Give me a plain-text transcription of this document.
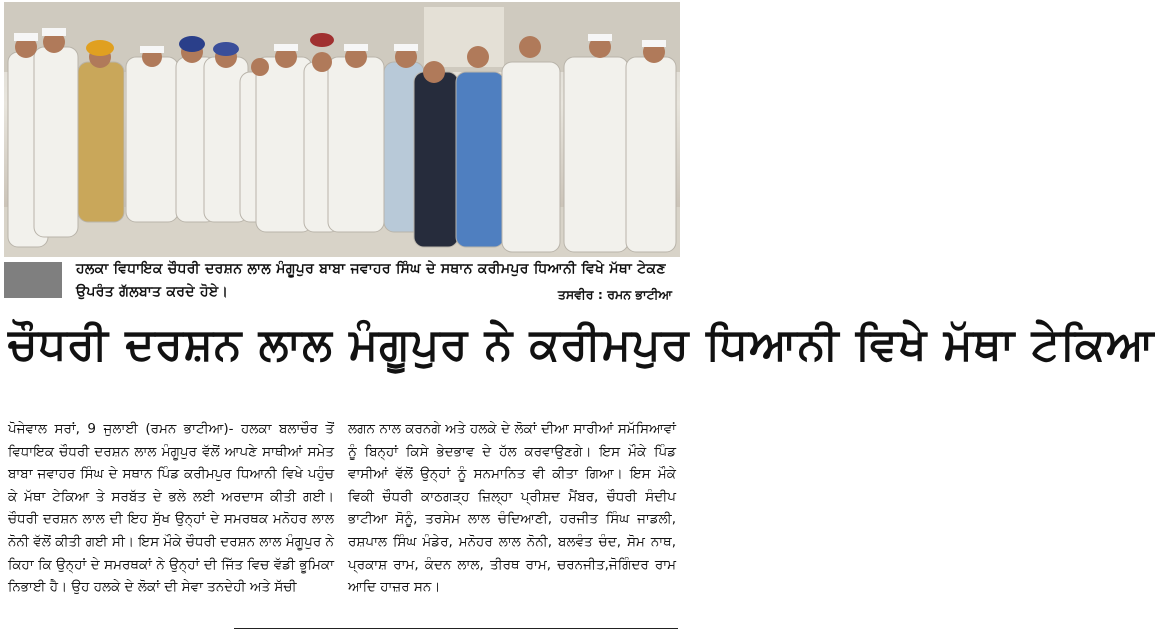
ਹਲਕਾ ਵਿਧਾਇਕ ਚੌਧਰੀ ਦਰਸ਼ਨ ਲਾਲ ਮੰਗੂਪੁਰ ਬਾਬਾ ਜਵਾਹਰ ਸਿੰਘ ਦੇ ਸਥਾਨ ਕਰੀਮਪੁਰ ਧਿਆਨੀ ਵਿਖੇ ਮੱਥਾ ਟੇਕਣ ਉਪਰੰਤ ਗੱਲਬਾਤ ਕਰਦੇ ਹੋਏ।	ਤਸਵੀਰ : ਰਮਨ ਭਾਟੀਆ
ਚੌਧਰੀ ਦਰਸ਼ਨ ਲਾਲ ਮੰਗੂਪੁਰ ਨੇ ਕਰੀਮਪੁਰ ਧਿਆਨੀ ਵਿਖੇ ਮੱਥਾ ਟੇਕਿਆ
ਪੋਜੇਵਾਲ ਸਰਾਂ, 9 ਜੁਲਾਈ (ਰਮਨ ਭਾਟੀਆ)- ਹਲਕਾ ਬਲਾਚੌਰ ਤੋਂ ਵਿਧਾਇਕ ਚੌਧਰੀ ਦਰਸ਼ਨ ਲਾਲ ਮੰਗੂਪੁਰ ਵੱਲੋਂ ਆਪਣੇ ਸਾਥੀਆਂ ਸਮੇਤ ਬਾਬਾ ਜਵਾਹਰ ਸਿੰਘ ਦੇ ਸਥਾਨ ਪਿੰਡ ਕਰੀਮਪੁਰ ਧਿਆਨੀ ਵਿਖੇ ਪਹੁੰਚ ਕੇ ਮੱਥਾ ਟੇਕਿਆ ਤੇ ਸਰਬੱਤ ਦੇ ਭਲੇ ਲਈ ਅਰਦਾਸ ਕੀਤੀ ਗਈ। ਚੌਧਰੀ ਦਰਸ਼ਨ ਲਾਲ ਦੀ ਇਹ ਸੁੱਖ ਉਨ੍ਹਾਂ ਦੇ ਸਮਰਥਕ ਮਨੋਹਰ ਲਾਲ ਨੋਨੀ ਵੱਲੋਂ ਕੀਤੀ ਗਈ ਸੀ। ਇਸ ਮੌਕੇ ਚੌਧਰੀ ਦਰਸ਼ਨ ਲਾਲ ਮੰਗੂਪੁਰ ਨੇ ਕਿਹਾ ਕਿ ਉਨ੍ਹਾਂ ਦੇ ਸਮਰਥਕਾਂ ਨੇ ਉਨ੍ਹਾਂ ਦੀ ਜਿੱਤ ਵਿਚ ਵੱਡੀ ਭੂਮਿਕਾ ਨਿਭਾਈ ਹੈ। ਉਹ ਹਲਕੇ ਦੇ ਲੋਕਾਂ ਦੀ ਸੇਵਾ ਤਨਦੇਹੀ ਅਤੇ ਸੱਚੀ
ਲਗਨ ਨਾਲ ਕਰਨਗੇ ਅਤੇ ਹਲਕੇ ਦੇ ਲੋਕਾਂ ਦੀਆ ਸਾਰੀਆਂ ਸਮੱਸਿਆਵਾਂ ਨੂੰ ਬਿਨ੍ਹਾਂ ਕਿਸੇ ਭੇਦਭਾਵ ਦੇ ਹੱਲ ਕਰਵਾਉਣਗੇ। ਇਸ ਮੌਕੇ ਪਿੰਡ ਵਾਸੀਆਂ ਵੱਲੋਂ ਉਨ੍ਹਾਂ ਨੂੰ ਸਨਮਾਨਿਤ ਵੀ ਕੀਤਾ ਗਿਆ। ਇਸ ਮੌਕੇ ਵਿਕੀ ਚੌਧਰੀ ਕਾਠਗੜ੍ਹ ਜ਼ਿਲ੍ਹਾ ਪ੍ਰੀਸ਼ਦ ਮੈਂਬਰ, ਚੌਧਰੀ ਸੰਦੀਪ ਭਾਟੀਆ ਸੋਨੂੰ, ਤਰਸੇਮ ਲਾਲ ਚੰਦਿਆਣੀ, ਹਰਜੀਤ ਸਿੰਘ ਜਾਡਲੀ, ਰਸ਼ਪਾਲ ਸਿੰਘ ਮੰਡੇਰ, ਮਨੋਹਰ ਲਾਲ ਨੋਨੀ, ਬਲਵੰਤ ਚੰਦ, ਸੋਮ ਨਾਥ, ਪ੍ਰਕਾਸ਼ ਰਾਮ, ਕੰਦਨ ਲਾਲ, ਤੀਰਥ ਰਾਮ, ਚਰਨਜੀਤ,ਜੋਗਿੰਦਰ ਰਾਮ ਆਦਿ ਹਾਜ਼ਰ ਸਨ।
